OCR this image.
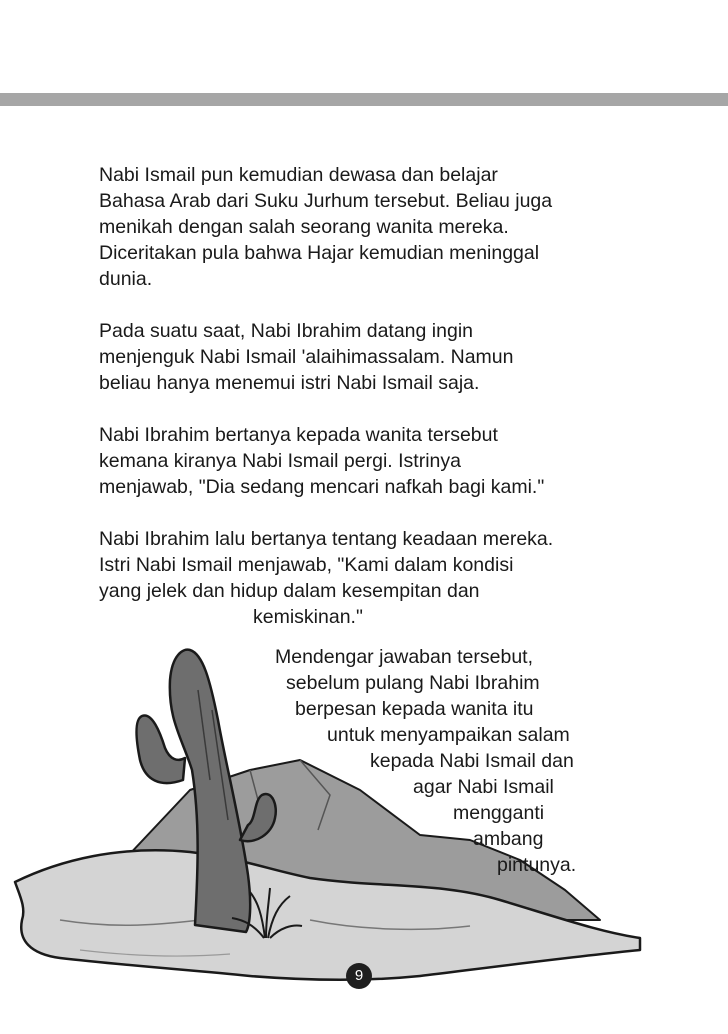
Nabi Ismail pun kemudian dewasa dan belajar
Bahasa Arab dari Suku Jurhum tersebut. Beliau juga
menikah dengan salah seorang wanita mereka.
Diceritakan pula bahwa Hajar kemudian meninggal
dunia.

Pada suatu saat, Nabi Ibrahim datang ingin
menjenguk Nabi Ismail 'alaihimassalam. Namun
beliau hanya menemui istri Nabi Ismail saja.

Nabi Ibrahim bertanya kepada wanita tersebut
kemana kiranya Nabi Ismail pergi. Istrinya
menjawab, "Dia sedang mencari nafkah bagi kami."

Nabi Ibrahim lalu bertanya tentang keadaan mereka.
Istri Nabi Ismail menjawab, "Kami dalam kondisi
yang jelek dan hidup dalam kesempitan dan
kemiskinan."

Mendengar jawaban tersebut,
sebelum pulang Nabi Ibrahim
berpesan kepada wanita itu
untuk menyampaikan salam
kepada Nabi Ismail dan
agar Nabi Ismail
mengganti
ambang
pintunya.
9
